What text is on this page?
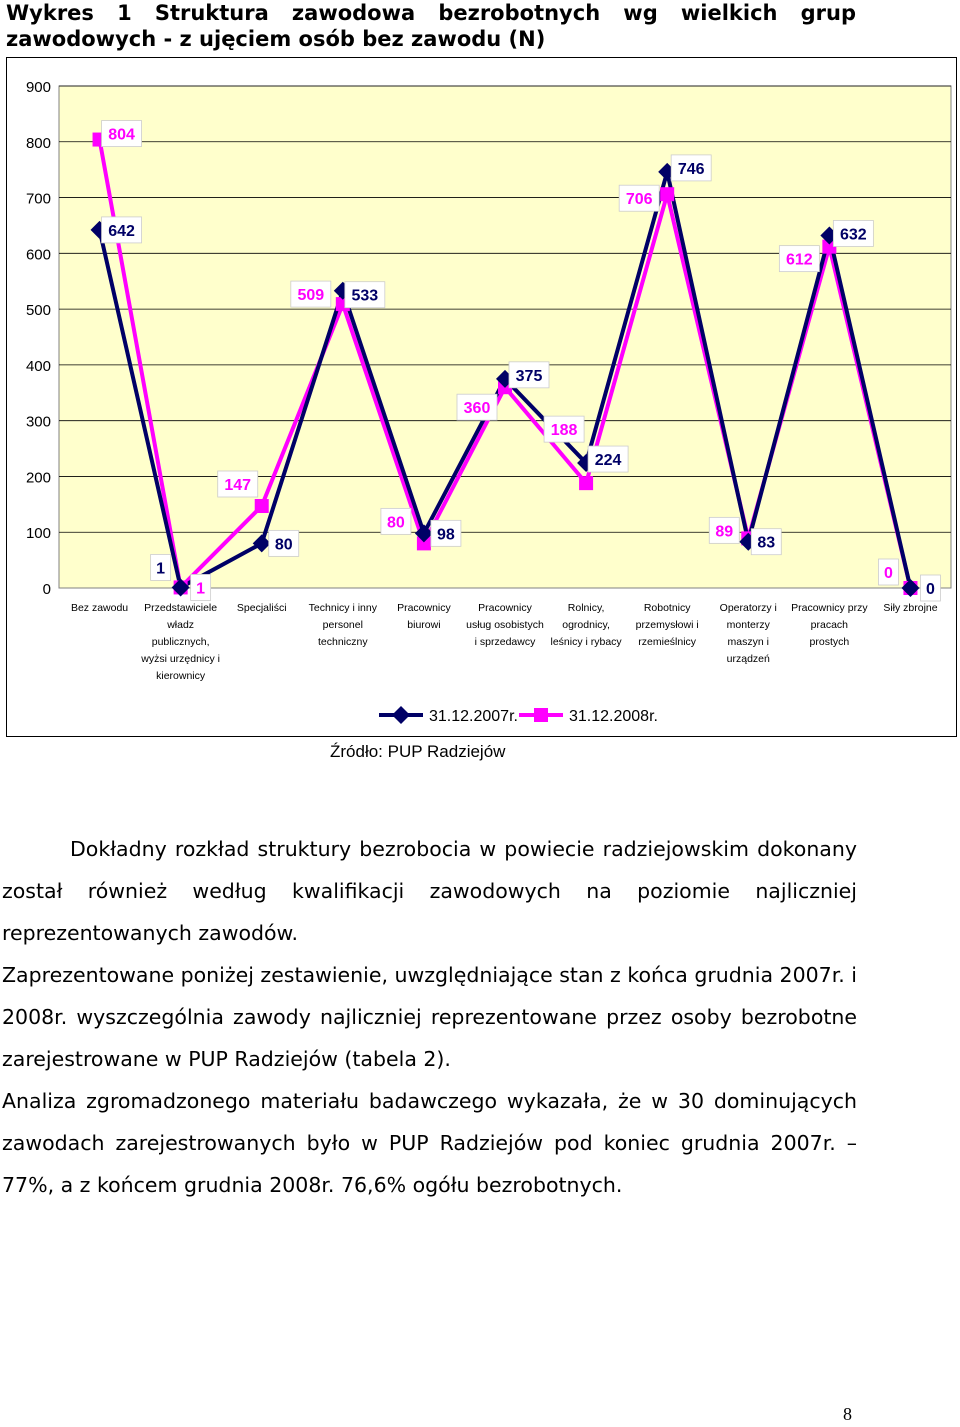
Wykres 1 Struktura zawodowa bezrobotnych wg wielkich grup
zawodowych - z ujęciem osób bez zawodu (N)
0
100
200
300
400
500
600
700
800
900
Bez zawodu	Przedstawiciele władz publicznych, wyżsi urzędnicy i kierownicy
Specjaliści Technicy i inny personel techniczny
Pracownicy biurowi
Pracownicy usług osobistych i sprzedawcy
Rolnicy, ogrodnicy, leśnicy i rybacy
Robotnicy przemysłowi i rzemieślnicy
Operatorzy i monterzy maszyn i urządzeń
Pracownicy przy pracach prostych
Siły zbrojne
642
1
80
533
98
375
224
746
83
632
0
804
1
147
509
80
360
188
706
89
612
0
31.12.2007r.	31.12.2008r.
Źródło: PUP Radziejów

Dokładny rozkład struktury bezrobocia w powiecie radziejowskim dokonany został również według kwalifikacji zawodowych na poziomie najliczniej reprezentowanych zawodów.

Zaprezentowane poniżej zestawienie, uwzględniające stan z końca grudnia 2007r. i 2008r. wyszczególnia zawody najliczniej reprezentowane przez osoby bezrobotne zarejestrowane w PUP Radziejów (tabela 2).

Analiza zgromadzonego materiału badawczego wykazała, że w 30 dominujących zawodach zarejestrowanych było w PUP Radziejów pod koniec grudnia 2007r. – 77%, a z końcem grudnia 2008r. 76,6% ogółu bezrobotnych.

8
